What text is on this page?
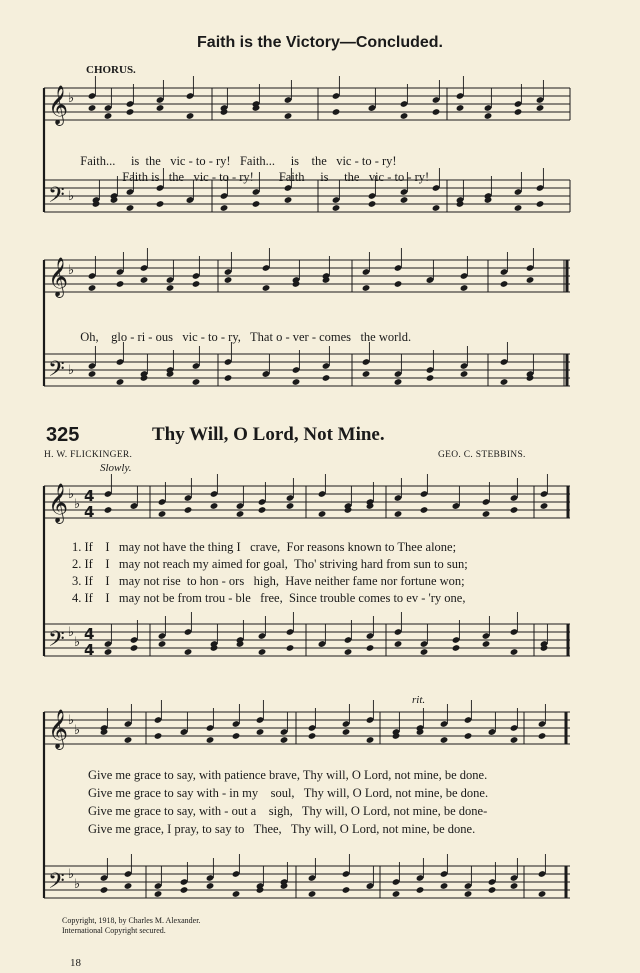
Faith is the Victory—Concluded.
CHORUS.
𝄞
𝄢
𝄞
𝄢
𝄞
𝄢
𝄞
𝄢
♭
♭
♭
♭
♭
♭
♭
♭
♭
♭
♭
♭
4
4
4
4

Faith... is the vic - to - ry! Faith... is the vic - to - ry!

Faith is the vic - to - ry! Faith is the vic - to - ry!

Oh, glo - ri - ous vic - to - ry, That o - ver - comes the world.

325	Thy Will, O Lord, Not Mine.
H. W. FLICKINGER.	GEO. C. STEBBINS.
Slowly.
1. If I may not have the thing I crave, For reasons known to Thee alone;
2. If I may not reach my aimed for goal, Tho' striving hard from sun to sun;
3. If I may not rise  to hon - ors high, Have neither fame nor fortune won;
4. If I may not be from trou - ble free, Since trouble comes to ev - 'ry one,
rit.
Give me grace to say, with patience brave, Thy will, O Lord, not mine, be done.
Give me grace to say with - in my soul, Thy will, O Lord, not mine, be done.
Give me grace to say, with - out a sigh, Thy will, O Lord, not mine, be done-
Give me grace, I pray, to say to Thee, Thy will, O Lord, not mine, be done.
Copyright, 1918, by Charles M. Alexander.
International Copyright secured.
18
